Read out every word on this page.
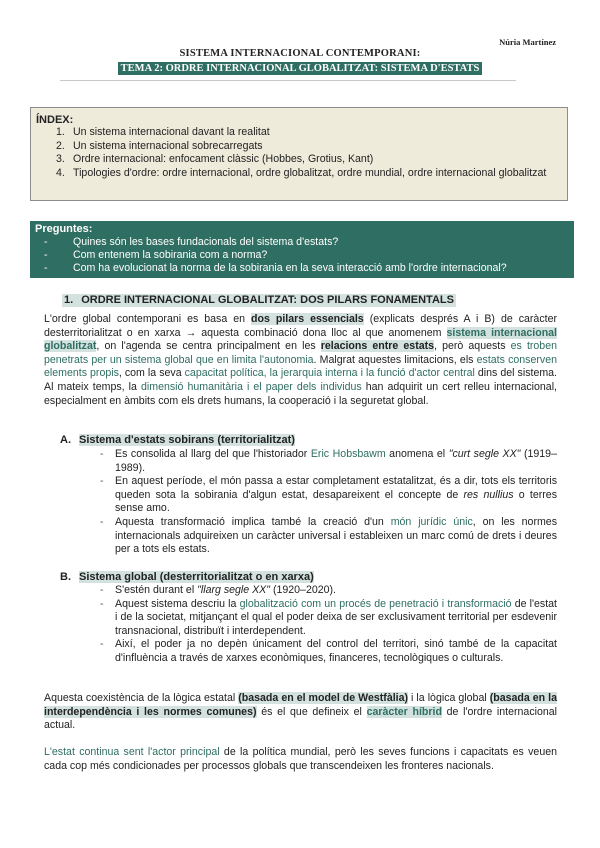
Núria Martínez
SISTEMA INTERNACIONAL CONTEMPORANI:
TEMA 2: ORDRE INTERNACIONAL GLOBALITZAT: SISTEMA D'ESTATS
ÍNDEX:
1. Un sistema internacional davant la realitat
2. Un sistema internacional sobrecarregats
3. Ordre internacional: enfocament clàssic (Hobbes, Grotius, Kant)
4. Tipologies d'ordre: ordre internacional, ordre globalitzat, ordre mundial, ordre internacional globalitzat
Preguntes:
- Quines són les bases fundacionals del sistema d'estats?
- Com entenem la sobirania com a norma?
- Com ha evolucionat la norma de la sobirania en la seva interacció amb l'ordre internacional?
1. ORDRE INTERNACIONAL GLOBALITZAT: DOS PILARS FONAMENTALS
L'ordre global contemporani es basa en dos pilars essencials (explicats després A i B) de caràcter desterritorialitzat o en xarxa → aquesta combinació dona lloc al que anomenem sistema internacional globalitzat, on l'agenda se centra principalment en les relacions entre estats, però aquests es troben penetrats per un sistema global que en limita l'autonomia. Malgrat aquestes limitacions, els estats conserven elements propis, com la seva capacitat política, la jerarquia interna i la funció d'actor central dins del sistema. Al mateix temps, la dimensió humanitària i el paper dels individus han adquirit un cert relleu internacional, especialment en àmbits com els drets humans, la cooperació i la seguretat global.
A. Sistema d'estats sobirans (territorialitzat)
- Es consolida al llarg del que l'historiador Eric Hobsbawm anomena el "curt segle XX" (1919–1989).
- En aquest període, el món passa a estar completament estatalitzat, és a dir, tots els territoris queden sota la sobirania d'algun estat, desapareixent el concepte de res nullius o terres sense amo.
- Aquesta transformació implica també la creació d'un món jurídic únic, on les normes internacionals adquireixen un caràcter universal i estableixen un marc comú de drets i deures per a tots els estats.
B. Sistema global (desterritorialitzat o en xarxa)
- S'estén durant el "llarg segle XX" (1920–2020).
- Aquest sistema descriu la globalització com un procés de penetració i transformació de l'estat i de la societat, mitjançant el qual el poder deixa de ser exclusivament territorial per esdevenir transnacional, distribuït i interdependent.
- Així, el poder ja no depèn únicament del control del territori, sinó també de la capacitat d'influència a través de xarxes econòmiques, financeres, tecnològiques o culturals.
Aquesta coexistència de la lògica estatal (basada en el model de Westfàlia) i la lògica global (basada en la interdependència i les normes comunes) és el que defineix el caràcter híbrid de l'ordre internacional actual.
L'estat continua sent l'actor principal de la política mundial, però les seves funcions i capacitats es veuen cada cop més condicionades per processos globals que transcendeixen les fronteres nacionals.
